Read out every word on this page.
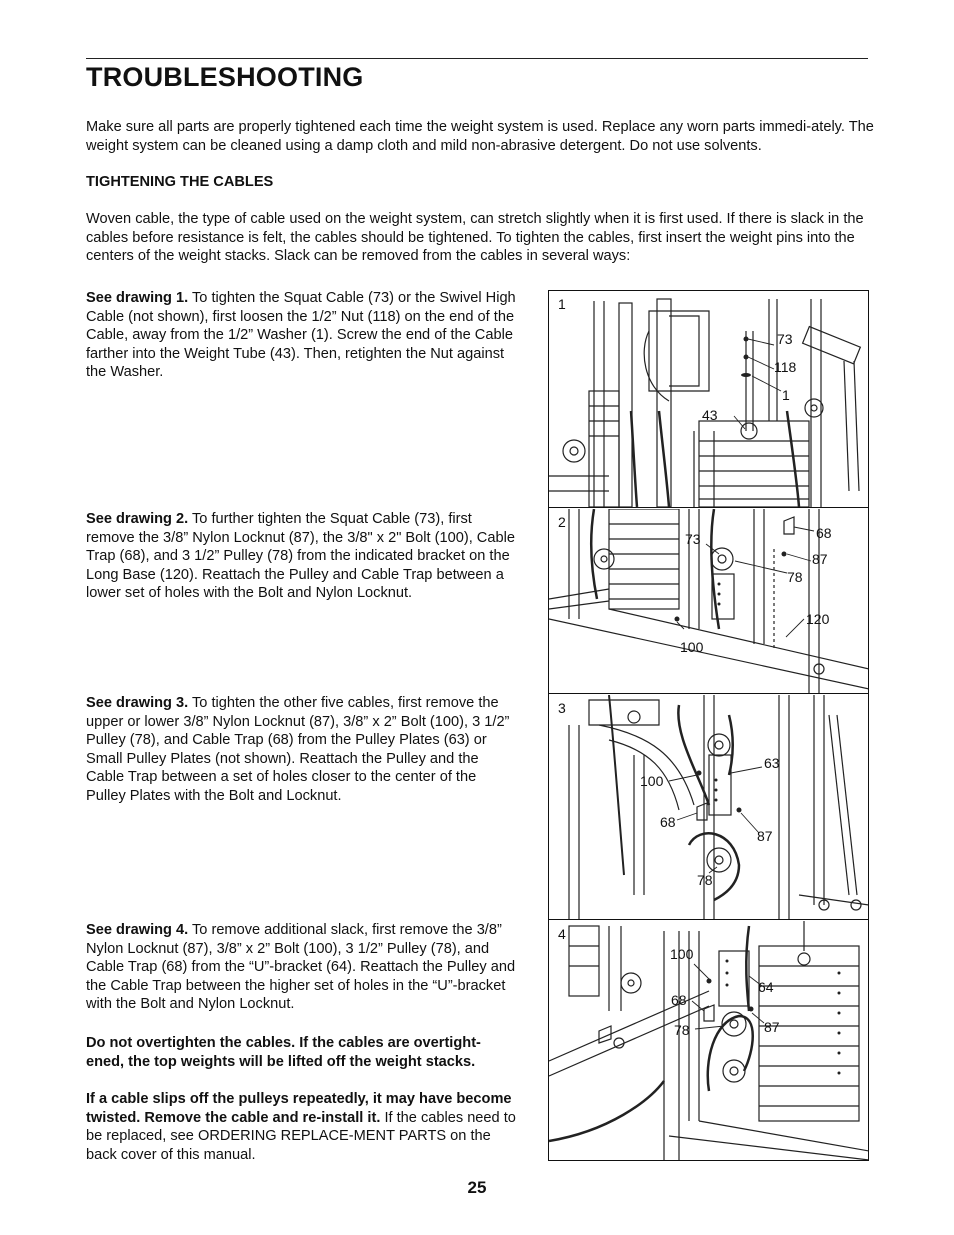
TROUBLESHOOTING

Make sure all parts are properly tightened each time the weight system is used. Replace any worn parts immedi-ately. The weight system can be cleaned using a damp cloth and mild non-abrasive detergent. Do not use solvents.

TIGHTENING THE CABLES

Woven cable, the type of cable used on the weight system, can stretch slightly when it is first used. If there is slack in the cables before resistance is felt, the cables should be tightened. To tighten the cables, first insert the weight pins into the centers of the weight stacks. Slack can be removed from the cables in several ways:

See drawing 1. To tighten the Squat Cable (73) or the Swivel High Cable (not shown), first loosen the 1/2” Nut (118) on the end of the Cable, away from the 1/2” Washer (1). Screw the end of the Cable farther into the Weight Tube (43). Then, retighten the Nut against the Washer.

See drawing 2. To further tighten the Squat Cable (73), first remove the 3/8” Nylon Locknut (87), the 3/8" x 2" Bolt (100), Cable Trap (68), and 3 1/2” Pulley (78) from the indicated bracket on the Long Base (120). Reattach the Pulley and Cable Trap between a lower set of holes with the Bolt and Nylon Locknut.

See drawing 3. To tighten the other five cables, first remove the upper or lower 3/8” Nylon Locknut (87), 3/8” x 2” Bolt (100), 3 1/2” Pulley (78), and Cable Trap (68) from the Pulley Plates (63) or Small Pulley Plates (not shown). Reattach the Pulley and the Cable Trap between a set of holes closer to the center of the Pulley Plates with the Bolt and Locknut.

See drawing 4. To remove additional slack, first remove the 3/8” Nylon Locknut (87), 3/8” x 2” Bolt (100), 3 1/2” Pulley (78), and Cable Trap (68) from the “U”-bracket (64). Reattach the Pulley and the Cable Trap between the higher set of holes in the “U”-bracket with the Bolt and Nylon Locknut.

Do not overtighten the cables. If the cables are overtight-ened, the top weights will be lifted off the weight stacks.

If a cable slips off the pulleys repeatedly, it may have become twisted. Remove the cable and re-install it. If the cables need to be replaced, see ORDERING REPLACE-MENT PARTS on the back cover of this manual.

1
73
118
1
43
2
73	68
87
78
120
100
3
63
100
68
87
78
4
100
64
68
87
78
25
